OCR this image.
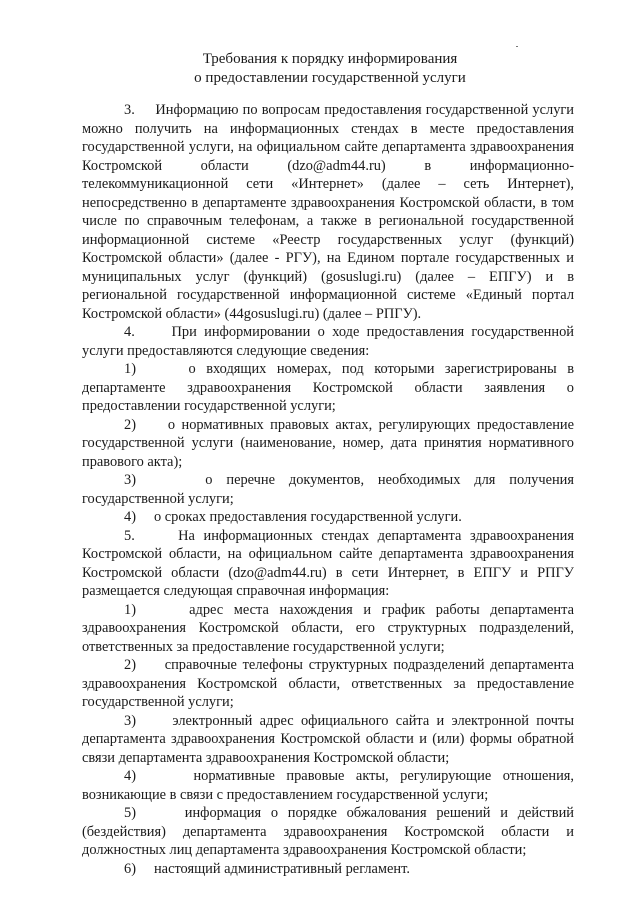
Требования к порядку информирования
о предоставлении государственной услуги

3.     Информацию по вопросам предоставления государственной услуги можно получить на информационных стендах в месте предоставления государственной услуги, на официальном сайте департамента здравоохранения Костромской области (dzo@adm44.ru) в информационно-телекоммуникационной сети «Интернет» (далее – сеть Интернет), непосредственно в департаменте здравоохранения Костромской области, в том числе по справочным телефонам, а также в региональной государственной информационной системе «Реестр государственных услуг (функций) Костромской области» (далее - РГУ), на Едином портале государственных и муниципальных услуг (функций) (gosuslugi.ru) (далее – ЕПГУ) и в региональной государственной информационной системе «Единый портал Костромской области» (44gosuslugi.ru) (далее – РПГУ).

4.     При информировании о ходе предоставления государственной услуги предоставляются следующие сведения:

1)     о входящих номерах, под которыми зарегистрированы в департаменте здравоохранения Костромской области заявления о предоставлении государственной услуги;

2)     о нормативных правовых актах, регулирующих предоставление государственной услуги (наименование, номер, дата принятия нормативного правового акта);

3)     о перечне документов, необходимых для получения государственной услуги;

4)     о сроках предоставления государственной услуги.

5.     На информационных стендах департамента здравоохранения Костромской области, на официальном сайте департамента здравоохранения Костромской области (dzo@adm44.ru) в сети Интернет, в ЕПГУ и РПГУ размещается следующая справочная информация:

1)     адрес места нахождения и график работы департамента здравоохранения Костромской области, его структурных подразделений, ответственных за предоставление государственной услуги;

2)     справочные телефоны структурных подразделений департамента здравоохранения Костромской области, ответственных за предоставление государственной услуги;

3)     электронный адрес официального сайта и электронной почты департамента здравоохранения Костромской области и (или) формы обратной связи департамента здравоохранения Костромской области;

4)     нормативные правовые акты, регулирующие отношения, возникающие в связи с предоставлением государственной услуги;

5)     информация о порядке обжалования решений и действий (бездействия) департамента здравоохранения Костромской области и должностных лиц департамента здравоохранения Костромской области;

6)     настоящий административный регламент.
